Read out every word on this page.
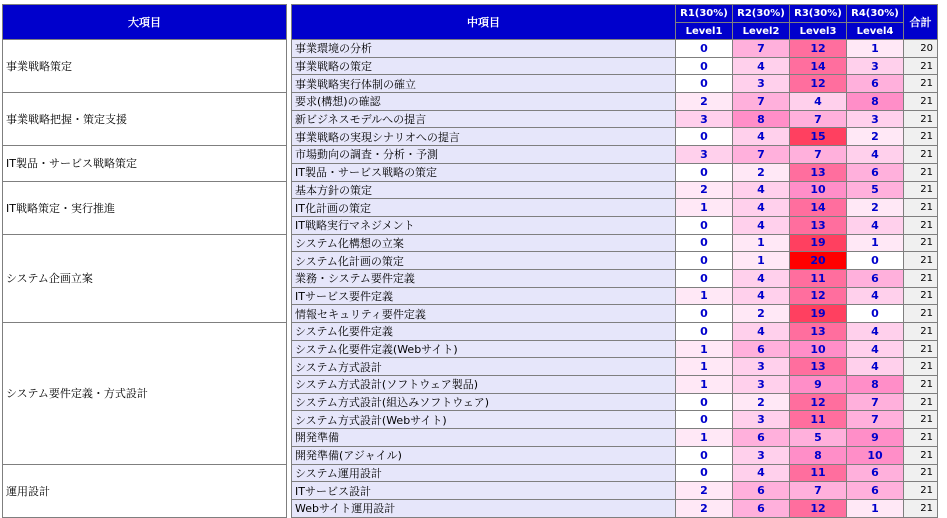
大項目		中項目	R1(30%)	R2(30%)	R3(30%)	R4(30%)	合計
			Level1	Level2	Level3	Level4	
事業戦略策定		事業環境の分析	0	7	12	1	20
		事業戦略の策定	0	4	14	3	21
		事業戦略実行体制の確立	0	3	12	6	21
事業戦略把握・策定支援		要求(構想)の確認	2	7	4	8	21
		新ビジネスモデルへの提言	3	8	7	3	21
		事業戦略の実現シナリオへの提言	0	4	15	2	21
IT製品・サービス戦略策定		市場動向の調査・分析・予測	3	7	7	4	21
		IT製品・サービス戦略の策定	0	2	13	6	21
IT戦略策定・実行推進		基本方針の策定	2	4	10	5	21
		IT化計画の策定	1	4	14	2	21
		IT戦略実行マネジメント	0	4	13	4	21
システム企画立案		システム化構想の立案	0	1	19	1	21
		システム化計画の策定	0	1	20	0	21
		業務・システム要件定義	0	4	11	6	21
		ITサービス要件定義	1	4	12	4	21
		情報セキュリティ要件定義	0	2	19	0	21
システム要件定義・方式設計		システム化要件定義	0	4	13	4	21
		システム化要件定義(Webサイト)	1	6	10	4	21
		システム方式設計	1	3	13	4	21
		システム方式設計(ソフトウェア製品)	1	3	9	8	21
		システム方式設計(組込みソフトウェア)	0	2	12	7	21
		システム方式設計(Webサイト)	0	3	11	7	21
		開発準備	1	6	5	9	21
		開発準備(アジャイル)	0	3	8	10	21
運用設計		システム運用設計	0	4	11	6	21
		ITサービス設計	2	6	7	6	21
		Webサイト運用設計	2	6	12	1	21
